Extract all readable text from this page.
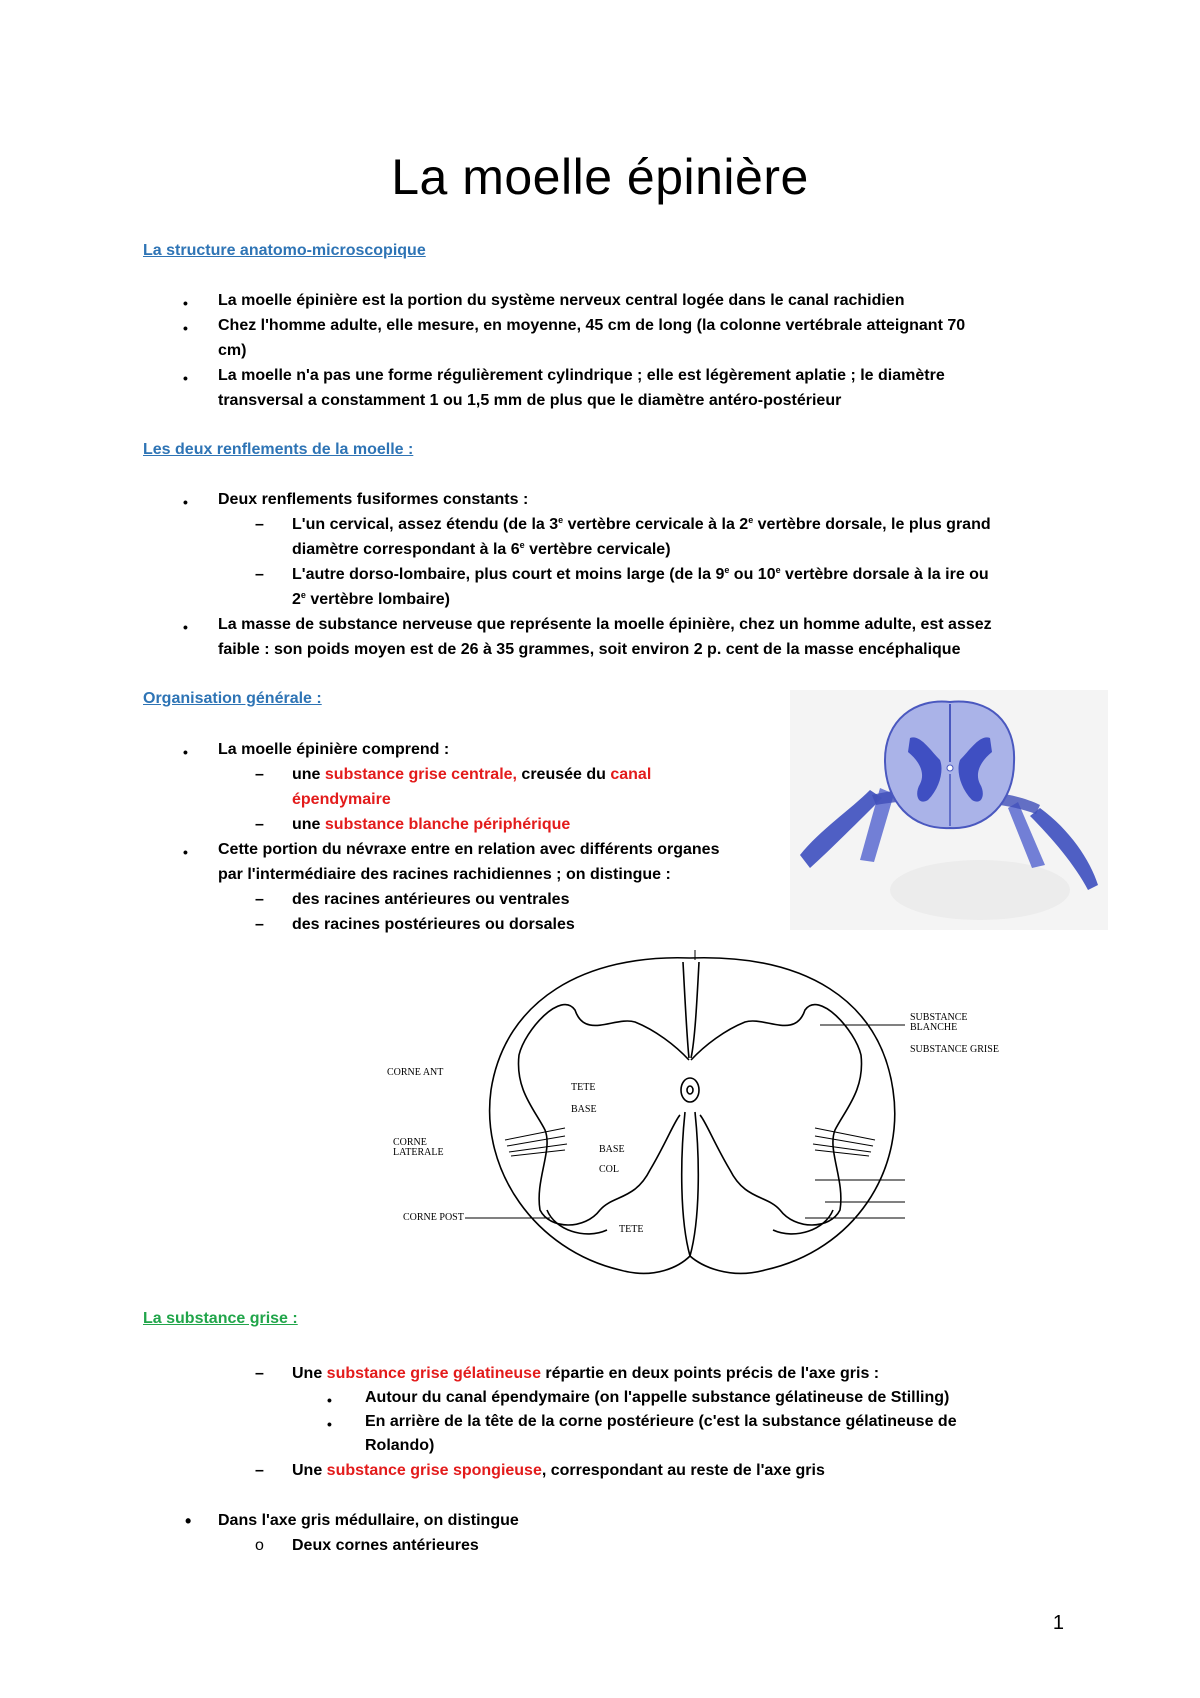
La moelle épinière
La structure anatomo-microscopique
• La moelle épinière est la portion du système nerveux central logée dans le canal rachidien
• Chez l'homme adulte, elle mesure, en moyenne, 45 cm de long (la colonne vertébrale atteignant 70
cm)
• La moelle n'a pas une forme régulièrement cylindrique ; elle est légèrement aplatie ; le diamètre
transversal a constamment 1 ou 1,5 mm de plus que le diamètre antéro-postérieur
Les deux renflements de la moelle :
• Deux renflements fusiformes constants :
– L'un cervical, assez étendu (de la 3e vertèbre cervicale à la 2e vertèbre dorsale, le plus grand
diamètre correspondant à la 6e vertèbre cervicale)
– L'autre dorso-lombaire, plus court et moins large (de la 9e ou 10e vertèbre dorsale à la ire ou
2e vertèbre lombaire)
• La masse de substance nerveuse que représente la moelle épinière, chez un homme adulte, est assez
faible : son poids moyen est de 26 à 35 grammes, soit environ 2 p. cent de la masse encéphalique
Organisation générale :
• La moelle épinière comprend :
– une substance grise centrale, creusée du canal
épendymaire
– une substance blanche périphérique
• Cette portion du névraxe entre en relation avec différents organes
par l'intermédiaire des racines rachidiennes ; on distingue :
– des racines antérieures ou ventrales
– des racines postérieures ou dorsales
CORNE ANT
CORNE
LATERALE
CORNE POST
SUBSTANCE
BLANCHE
SUBSTANCE GRISE
TETE
BASE
BASE
COL
TETE
La substance grise :
– Une substance grise gélatineuse répartie en deux points précis de l'axe gris :
• Autour du canal épendymaire (on l'appelle substance gélatineuse de Stilling)
• En arrière de la tête de la corne postérieure (c'est la substance gélatineuse de
Rolando)
– Une substance grise spongieuse, correspondant au reste de l'axe gris
• Dans l'axe gris médullaire, on distingue
o Deux cornes antérieures
1
